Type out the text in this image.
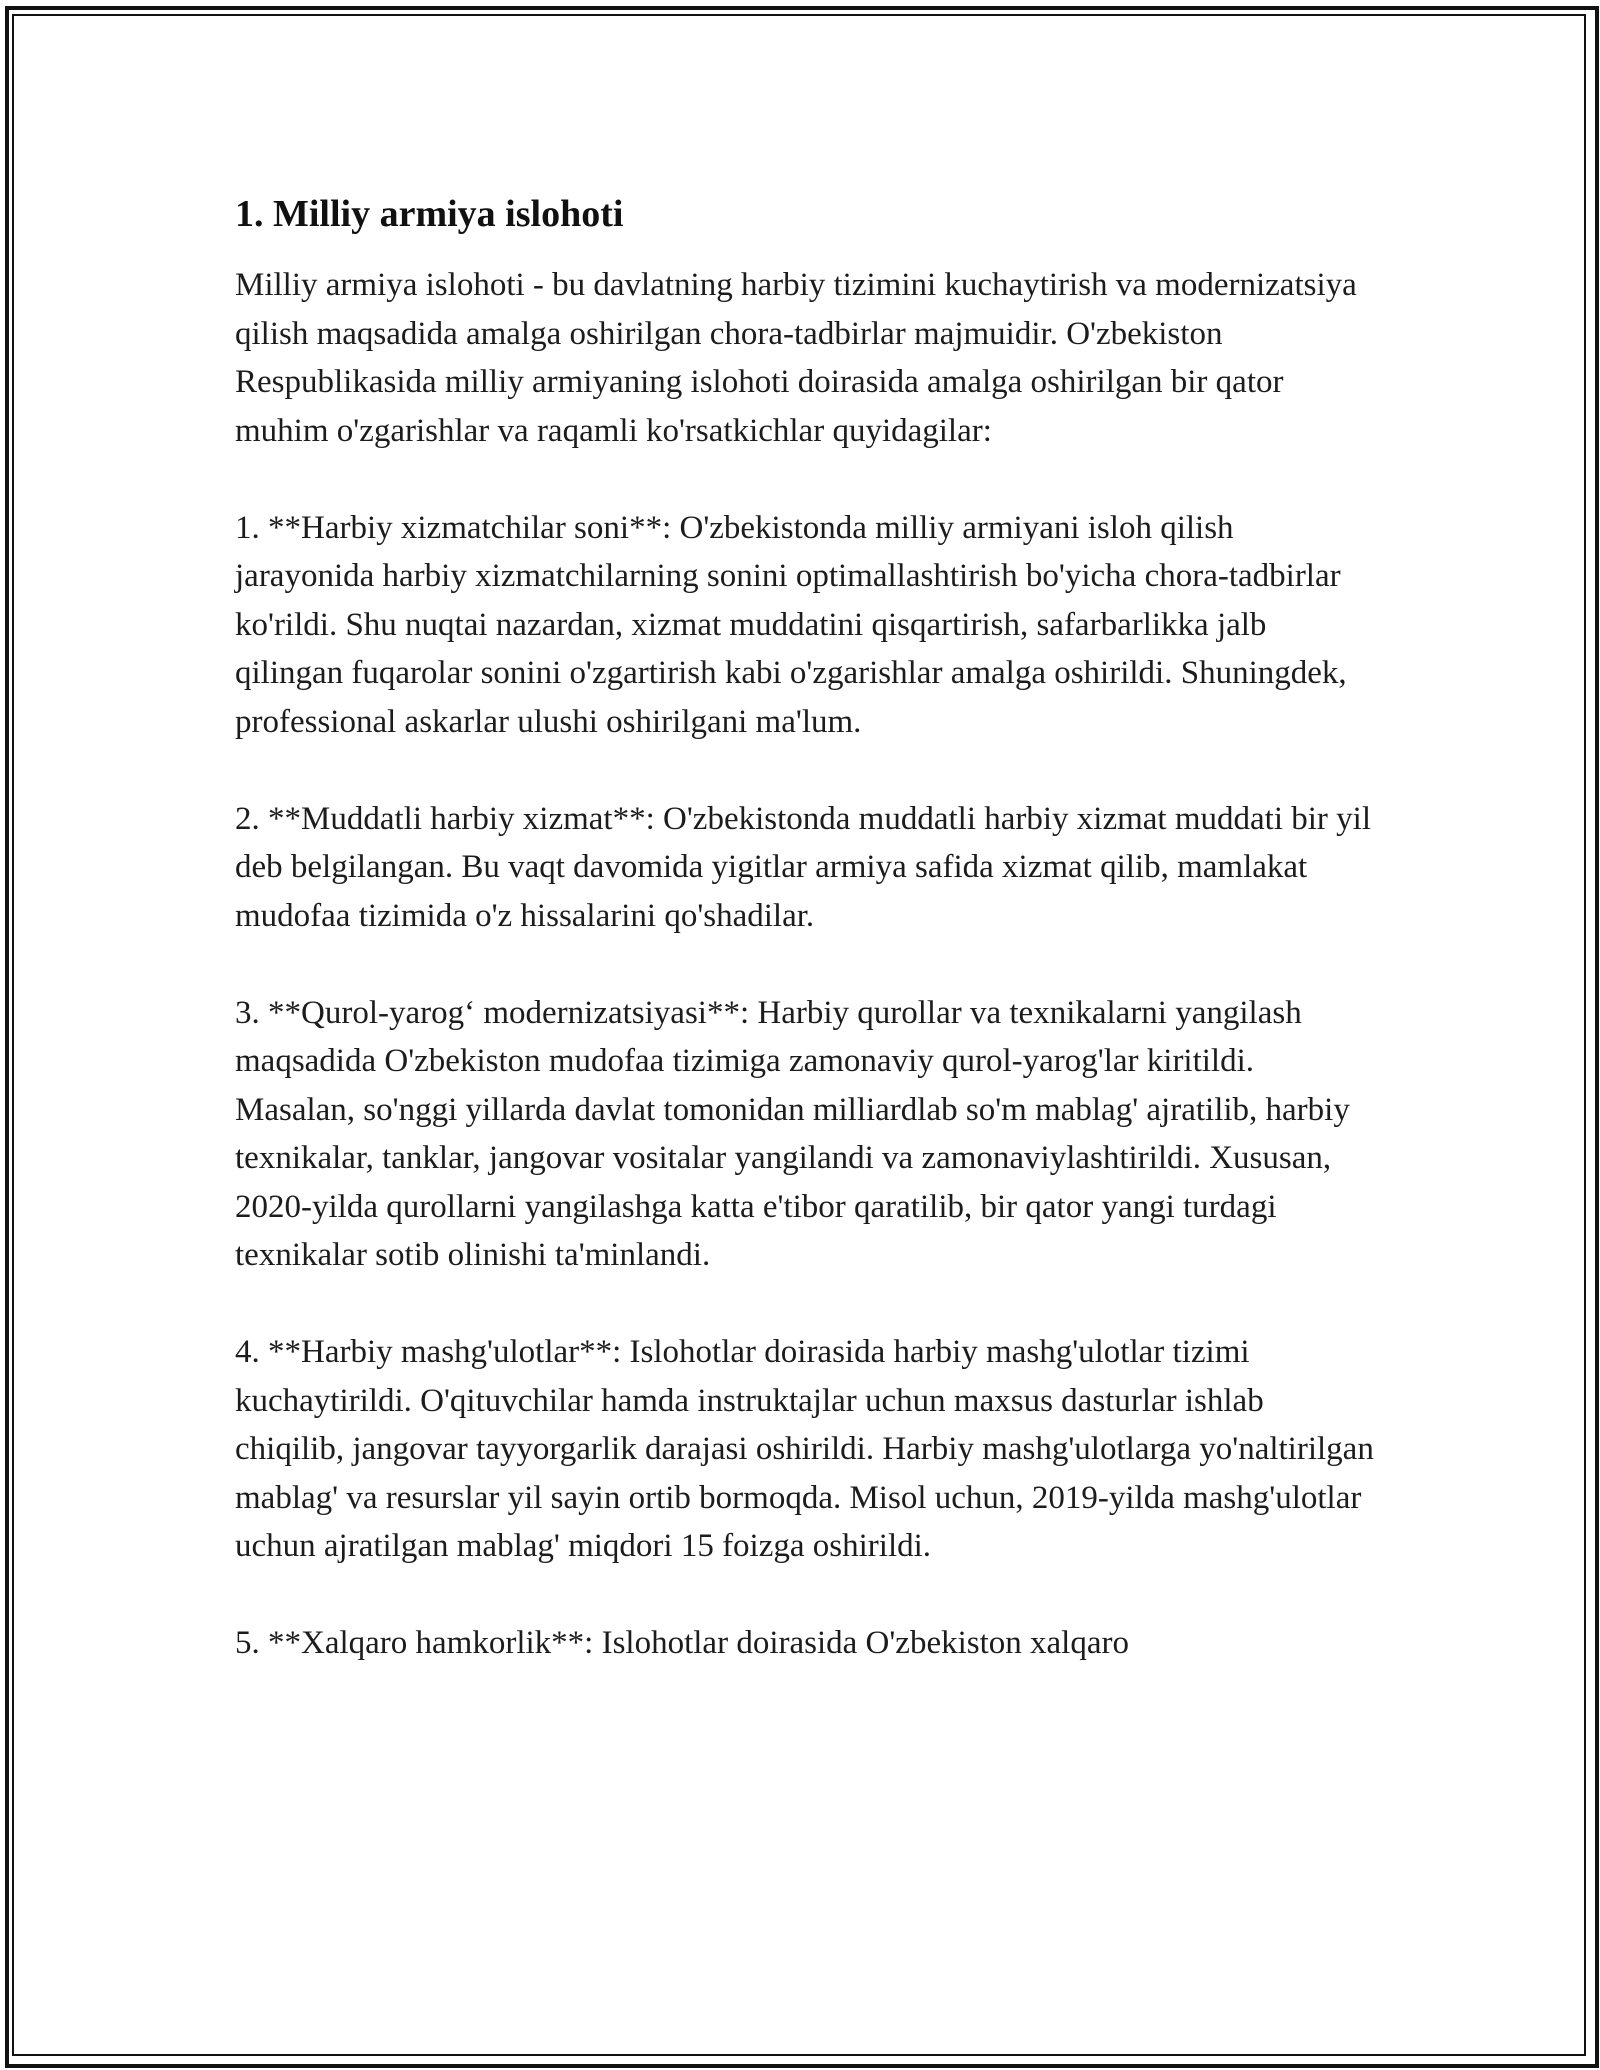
1. Milliy armiya islohoti

Milliy armiya islohoti - bu davlatning harbiy tizimini kuchaytirish va modernizatsiya qilish maqsadida amalga oshirilgan chora-tadbirlar majmuidir. O'zbekiston Respublikasida milliy armiyaning islohoti doirasida amalga oshirilgan bir qator muhim o'zgarishlar va raqamli ko'rsatkichlar quyidagilar:

1. **Harbiy xizmatchilar soni**: O'zbekistonda milliy armiyani isloh qilish jarayonida harbiy xizmatchilarning sonini optimallashtirish bo'yicha chora-tadbirlar ko'rildi. Shu nuqtai nazardan, xizmat muddatini qisqartirish, safarbarlikka jalb qilingan fuqarolar sonini o'zgartirish kabi o'zgarishlar amalga oshirildi. Shuningdek, professional askarlar ulushi oshirilgani ma'lum.

2. **Muddatli harbiy xizmat**: O'zbekistonda muddatli harbiy xizmat muddati bir yil deb belgilangan. Bu vaqt davomida yigitlar armiya safida xizmat qilib, mamlakat mudofaa tizimida o'z hissalarini qo'shadilar.

3. **Qurol-yarog‘ modernizatsiyasi**: Harbiy qurollar va texnikalarni yangilash maqsadida O'zbekiston mudofaa tizimiga zamonaviy qurol-yarog'lar kiritildi. Masalan, so'nggi yillarda davlat tomonidan milliardlab so'm mablag' ajratilib, harbiy texnikalar, tanklar, jangovar vositalar yangilandi va zamonaviylashtirildi. Xususan, 2020-yilda qurollarni yangilashga katta e'tibor qaratilib, bir qator yangi turdagi texnikalar sotib olinishi ta'minlandi.

4. **Harbiy mashg'ulotlar**: Islohotlar doirasida harbiy mashg'ulotlar tizimi kuchaytirildi. O'qituvchilar hamda instruktajlar uchun maxsus dasturlar ishlab chiqilib, jangovar tayyorgarlik darajasi oshirildi. Harbiy mashg'ulotlarga yo'naltirilgan mablag' va resurslar yil sayin ortib bormoqda. Misol uchun, 2019-yilda mashg'ulotlar uchun ajratilgan mablag' miqdori 15 foizga oshirildi.

5. **Xalqaro hamkorlik**: Islohotlar doirasida O'zbekiston xalqaro
